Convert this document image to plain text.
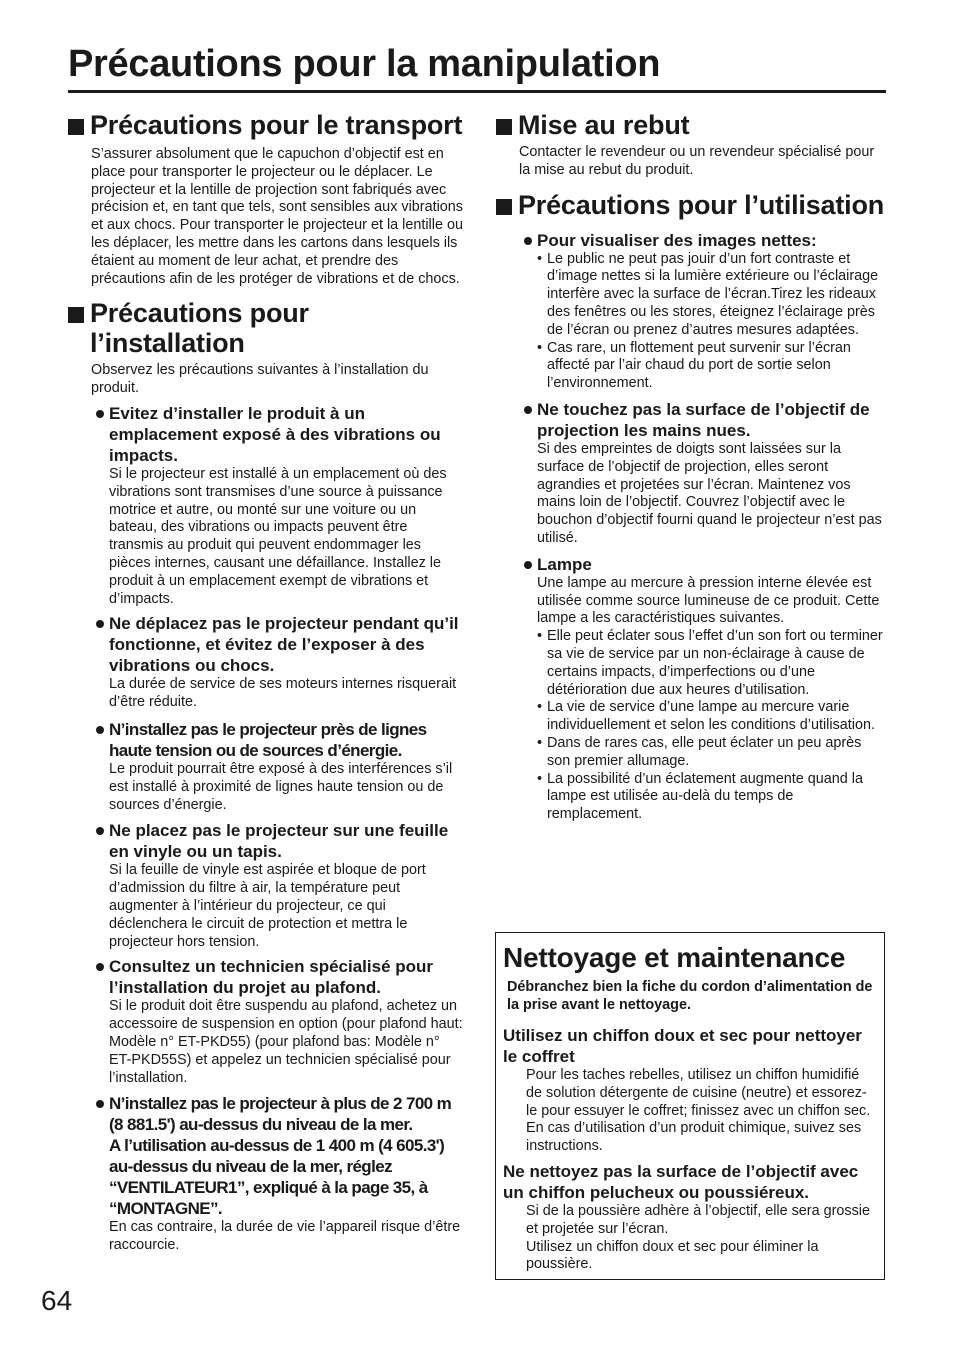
Précautions pour la manipulation
Précautions pour le transport

S’assurer absolument que le capuchon d’objectif est en place pour transporter le projecteur ou le déplacer. Le projecteur et la lentille de projection sont fabriqués avec précision et, en tant que tels, sont sensibles aux vibrations et aux chocs. Pour transporter le projecteur et la lentille ou les déplacer, les mettre dans les cartons dans lesquels ils étaient au moment de leur achat, et prendre des précautions afin de les protéger de vibrations et de chocs.

Précautions pour l’installation

Observez les précautions suivantes à l’installation du produit.

Evitez d’installer le produit à un emplacement exposé à des vibrations ou impacts.

Si le projecteur est installé à un emplacement où des vibrations sont transmises d’une source à puissance motrice et autre, ou monté sur une voiture ou un bateau, des vibrations ou impacts peuvent être transmis au produit qui peuvent endommager les pièces internes, causant une défaillance. Installez le produit à un emplacement exempt de vibrations et d’impacts.

Ne déplacez pas le projecteur pendant qu’il fonctionne, et évitez de l’exposer à des vibrations ou chocs.

La durée de service de ses moteurs internes risquerait d’être réduite.

N’installez pas le projecteur près de lignes haute tension ou de sources d’énergie.

Le produit pourrait être exposé à des interférences s’il est installé à proximité de lignes haute tension ou de sources d’énergie.

Ne placez pas le projecteur sur une feuille en vinyle ou un tapis.

Si la feuille de vinyle est aspirée et bloque de port d’admission du filtre à air, la température peut augmenter à l’intérieur du projecteur, ce qui déclenchera le circuit de protection et mettra le projecteur hors tension.

Consultez un technicien spécialisé pour l’installation du projet au plafond.

Si le produit doit être suspendu au plafond, achetez un accessoire de suspension en option (pour plafond haut: Modèle n° ET-PKD55) (pour plafond bas: Modèle n° ET-PKD55S) et appelez un technicien spécialisé pour l’installation.

N’installez pas le projecteur à plus de 2 700 m (8 881.5') au-dessus du niveau de la mer.

A l’utilisation au-dessus de 1 400 m (4 605.3') au-dessus du niveau de la mer, réglez “VENTILATEUR1”, expliqué à la page 35, à “MONTAGNE”.

En cas contraire, la durée de vie l’appareil risque d’être raccourcie.

Mise au rebut

Contacter le revendeur ou un revendeur spécialisé pour la mise au rebut du produit.

Précautions pour l’utilisation

Pour visualiser des images nettes:

• Le public ne peut pas jouir d’un fort contraste et d’image nettes si la lumière extérieure ou l’éclairage interfère avec la surface de l’écran.Tirez les rideaux des fenêtres ou les stores, éteignez l’éclairage près de l’écran ou prenez d’autres mesures adaptées.
• Cas rare, un flottement peut survenir sur l’écran affecté par l’air chaud du port de sortie selon l’environnement.

Ne touchez pas la surface de l’objectif de projection les mains nues.

Si des empreintes de doigts sont laissées sur la surface de l’objectif de projection, elles seront agrandies et projetées sur l’écran. Maintenez vos mains loin de l’objectif. Couvrez l’objectif avec le bouchon d’objectif fourni quand le projecteur n’est pas utilisé.

Lampe

Une lampe au mercure à pression interne élevée est utilisée comme source lumineuse de ce produit. Cette lampe a les caractéristiques suivantes.

• Elle peut éclater sous l’effet d’un son fort ou terminer sa vie de service par un non-éclairage à cause de certains impacts, d’imperfections ou d’une détérioration due aux heures d’utilisation.
• La vie de service d’une lampe au mercure varie individuellement et selon les conditions d’utilisation.
• Dans de rares cas, elle peut éclater un peu après son premier allumage.
• La possibilité d’un éclatement augmente quand la lampe est utilisée au-delà du temps de remplacement.
Nettoyage et maintenance

Débranchez bien la fiche du cordon d’alimentation de la prise avant le nettoyage.

Utilisez un chiffon doux et sec pour nettoyer le coffret

Pour les taches rebelles, utilisez un chiffon humidifié de solution détergente de cuisine (neutre) et essorez-le pour essuyer le coffret; finissez avec un chiffon sec. En cas d’utilisation d’un produit chimique, suivez ses instructions.

Ne nettoyez pas la surface de l’objectif avec un chiffon pelucheux ou poussiéreux.

Si de la poussière adhère à l’objectif, elle sera grossie et projetée sur l’écran.

Utilisez un chiffon doux et sec pour éliminer la poussière.

64
